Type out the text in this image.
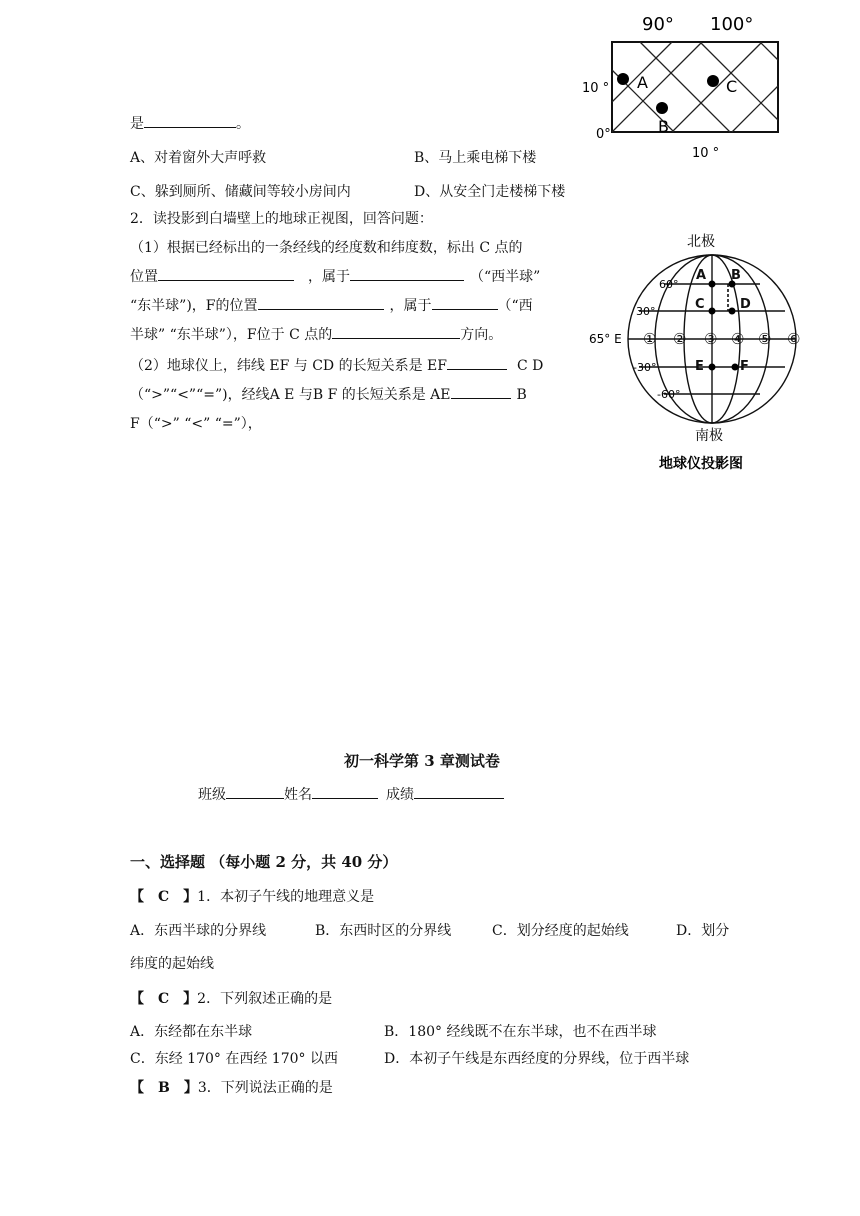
是	。
A、对着窗外大声呼救	B、马上乘电梯下楼
C、躲到厕所、储藏间等较小房间内	D、从安全门走楼梯下楼
2．读投影到白墙壁上的地球正视图，回答问题：
（1）根据已经标出的一条经线的经度数和纬度数，标出 C 点的
位置	，属于	（“西半球”
“东半球”)，F的位置	，属于	（“西
半球” “东半球”），F位于 C 点的	方向。
（2）地球仪上，纬线 EF 与 CD 的长短关系是 EF	C D
（“>”“<”“=”)，经线A E 与B F 的长短关系是 AE	B
F（“>” “<” “=”），
90° 100°
10 °
0°
10 °
A
B
C
北极
南极
地球仪投影图
60°
30°
-30°
-60°
65° E ① ② ③ ④ ⑤ ⑥
A B
C	D
E	F
初一科学第 3 章测试卷
班级	姓名	成绩
一、选择题 （每小题 2 分，共 40 分）
【　C　】1．本初子午线的地理意义是
A．东西半球的分界线	B．东西时区的分界线	C．划分经度的起始线	D．划分
纬度的起始线
【　C　】2．下列叙述正确的是
A．东经都在东半球	B．180° 经线既不在东半球，也不在西半球
C．东经 170° 在西经 170° 以西	D．本初子午线是东西经度的分界线，位于西半球
【　B　】3．下列说法正确的是
